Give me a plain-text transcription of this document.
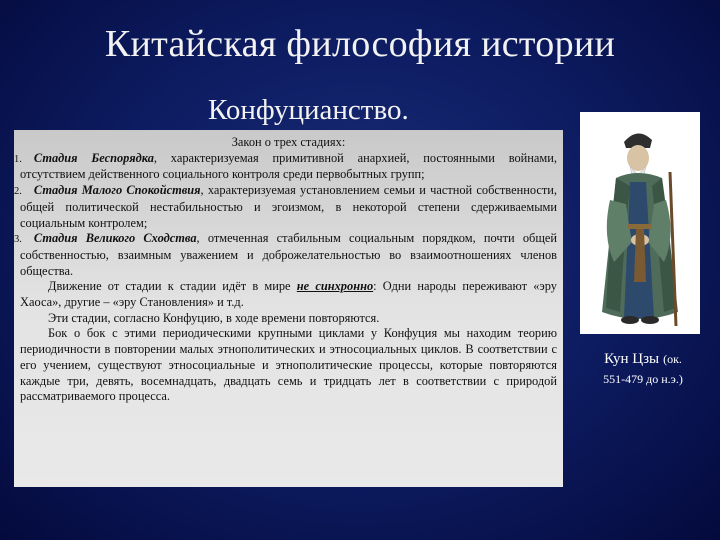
Китайская философия истории
Конфуцианство.

Закон о трех стадиях:

1. Стадия Беспорядка, характеризуемая примитивной анархией, постоянными войнами, отсутствием действенного социального контроля среди первобытных групп;

2. Стадия Малого Спокойствия, характеризуемая установлением семьи и частной собственности, общей политической нестабильностью и эгоизмом, в некоторой степени сдерживаемыми социальным контролем;

3. Стадия Великого Сходства, отмеченная стабильным социальным порядком, почти общей собственностью, взаимным уважением и доброжелательностью во взаимоотношениях членов общества.

Движение от стадии к стадии идёт в мире не синхронно: Одни народы переживают «эру Хаоса», другие – «эру Становления» и т.д.

Эти стадии, согласно Конфуцию, в ходе времени повторяются.

Бок о бок с этими периодическими крупными циклами у Конфуция мы находим теорию периодичности в повторении малых этнополитических и этносоциальных циклов. В соответствии с его учением, существуют этносоциальные и этнополитические процессы, которые повторяются каждые три, девять, восемнадцать, двадцать семь и тридцать лет в соответствии с природой рассматриваемого процесса.

Кун Цзы (ок.
551-479 до н.э.)
